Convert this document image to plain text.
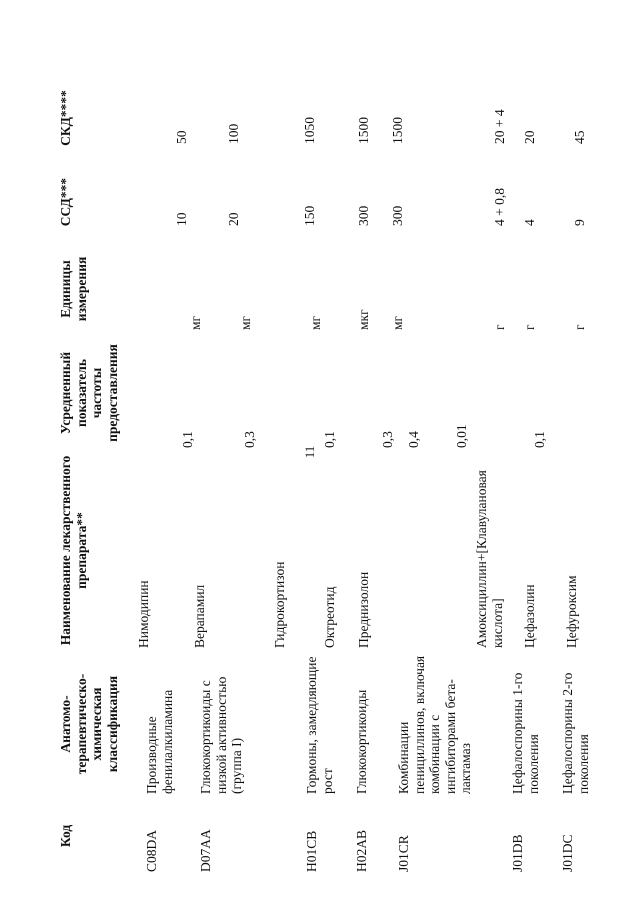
11
Код
Анатомо-терапевтическо-химическая классификация
Наименование лекарственного препарата**
Усредненный показатель частоты предоставления
Единицы измерения
ССД***
СКД****
C08DA
Производные фенилалкиламина
Нимодипин
0,1
мг
10
50
D07AA
Глюкокортикоиды с низкой активностью (группа I)
Верапамил
0,3
мг
20
100
Гидрокортизон
0,1
мг
150
1050
H01CB
Гормоны, замедляющие рост
Октреотид
0,3
мкг
300
1500
H02AB
Глюкокортикоиды
Преднизолон
0,4
мг
300
1500
J01CR
Комбинации пенициллинов, включая комбинации с ингибиторами бета-лактамаз
Амоксициллин+[Клавулановая кислота]
0,1
г
4 + 0,8
20 + 4
J01DB
Цефалоспорины 1-го поколения
Цефазолин
0,01
г
4
20
J01DC
Цефалоспорины 2-го поколения
Цефуроксим
г
9
45
